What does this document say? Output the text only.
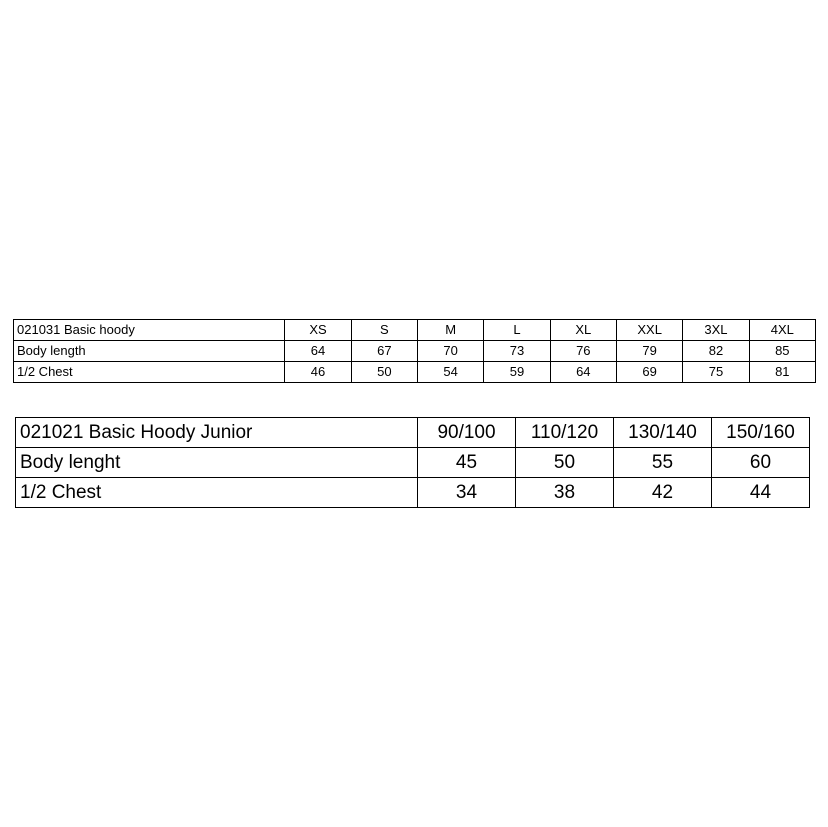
021031 Basic hoody	XS	S	M	L	XL	XXL	3XL	4XL
Body length	64	67	70	73	76	79	82	85
1/2 Chest	46	50	54	59	64	69	75	81
021021 Basic Hoody Junior	90/100	110/120	130/140	150/160
Body lenght	45	50	55	60
1/2 Chest	34	38	42	44
